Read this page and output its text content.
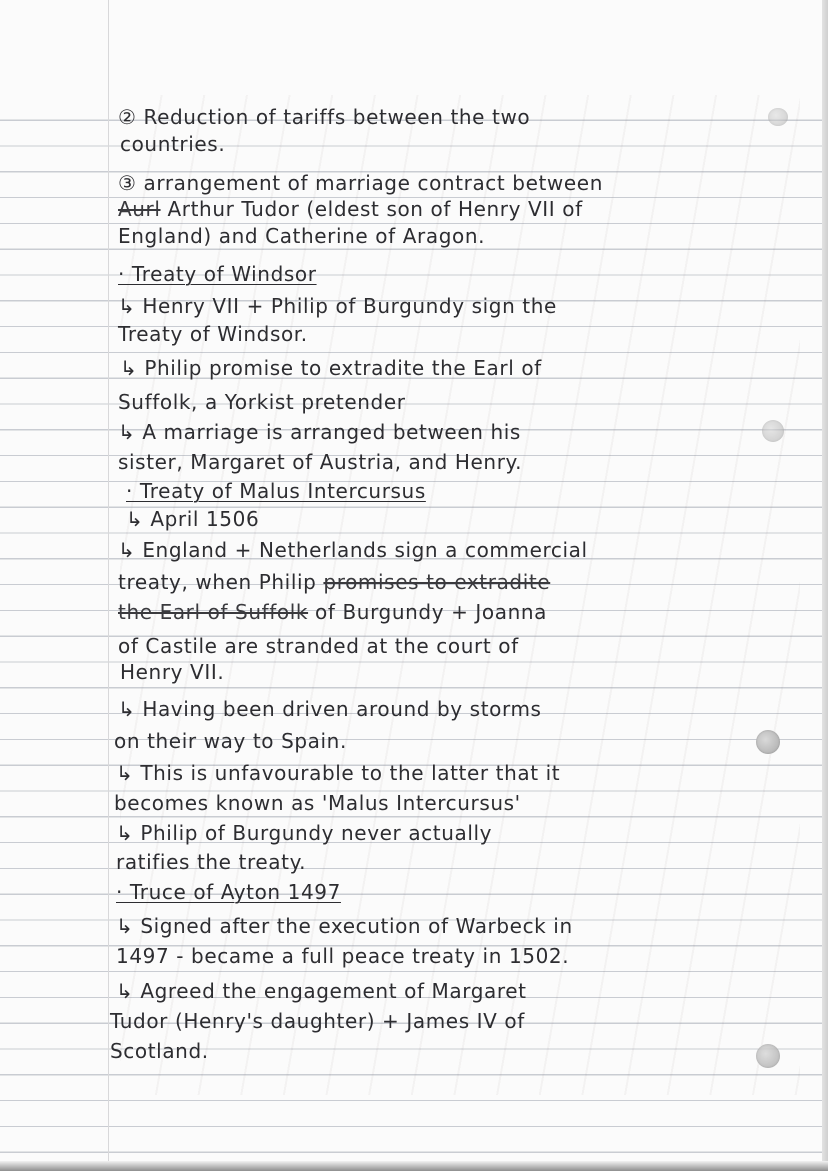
② Reduction of tariffs between the two
countries.
③ arrangement of marriage contract between
Aurl Arthur Tudor (eldest son of Henry VII of
England) and Catherine of Aragon.
· Treaty of Windsor
↳ Henry VII + Philip of Burgundy sign the
Treaty of Windsor.
↳ Philip promise to extradite the Earl of
Suffolk, a Yorkist pretender
↳ A marriage is arranged between his
sister, Margaret of Austria, and Henry.
· Treaty of Malus Intercursus
↳ April 1506
↳ England + Netherlands sign a commercial
treaty, when Philip promises to extradite
the Earl of Suffolk of Burgundy + Joanna
of Castile are stranded at the court of
Henry VII.
↳ Having been driven around by storms
on their way to Spain.
↳ This is unfavourable to the latter that it
becomes known as 'Malus Intercursus'
↳ Philip of Burgundy never actually
ratifies the treaty.
· Truce of Ayton 1497
↳ Signed after the execution of Warbeck in
1497 - became a full peace treaty in 1502.
↳ Agreed the engagement of Margaret
Tudor (Henry's daughter) + James IV of
Scotland.
